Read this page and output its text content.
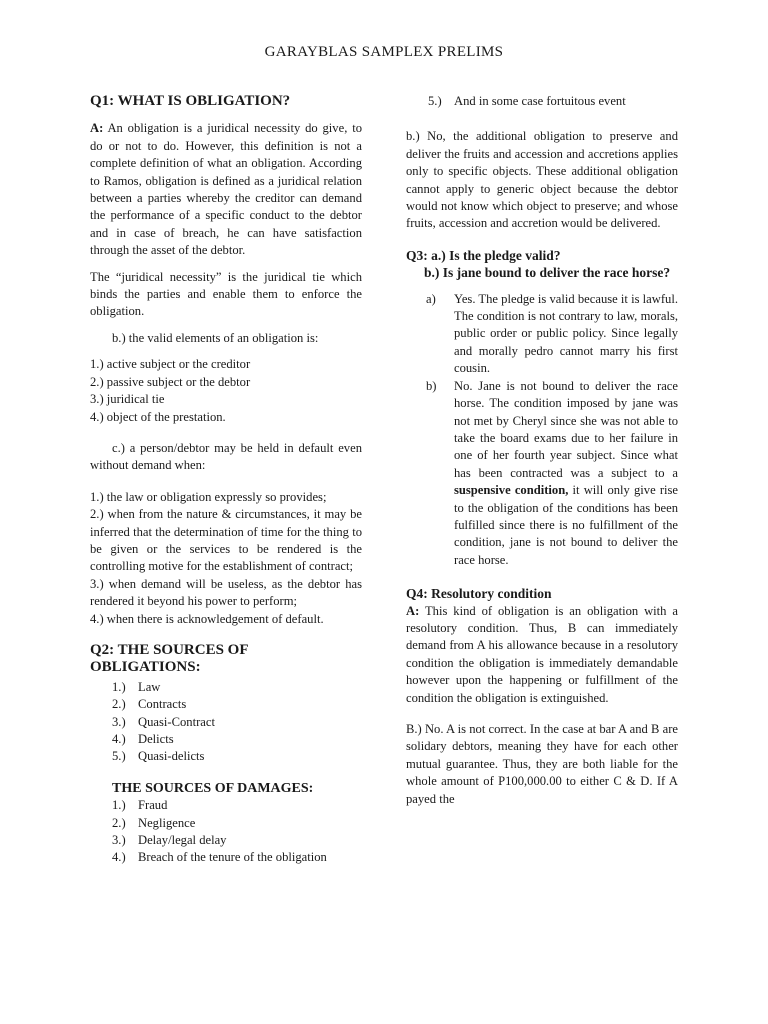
GARAYBLAS SAMPLEX PRELIMS

Q1: WHAT IS OBLIGATION?

A: An obligation is a juridical necessity do give, to do or not to do. However, this definition is not a complete definition of what an obligation. According to Ramos, obligation is defined as a juridical relation between a parties whereby the creditor can demand the performance of a specific conduct to the debtor and in case of breach, he can have satisfaction through the asset of the debtor.

The “juridical necessity” is the juridical tie which binds the parties and enable them to enforce the obligation.

b.) the valid elements of an obligation is:

1.) active subject or the creditor

2.) passive subject or the debtor

3.) juridical tie

4.) object of the prestation.

c.) a person/debtor may be held in default even without demand when:

1.) the law or obligation expressly so provides;

2.) when from the nature & circumstances, it may be inferred that the determination of time for the thing to be given or the services to be rendered is the controlling motive for the establishment of contract;

3.) when demand will be useless, as the debtor has rendered it beyond his power to perform;

4.) when there is acknowledgement of default.

Q2: THE SOURCES OF OBLIGATIONS:

1.) Law
2.) Contracts
3.) Quasi-Contract
4.) Delicts
5.) Quasi-delicts

THE SOURCES OF DAMAGES:

1.) Fraud
2.) Negligence
3.) Delay/legal delay
4.) Breach of the tenure of the obligation
5.) And in some case fortuitous event

b.) No, the additional obligation to preserve and deliver the fruits and accession and accretions applies only to specific objects. These additional obligation cannot apply to generic object because the debtor would not know which object to preserve; and whose fruits, accession and accretion would be delivered.

Q3: a.) Is the pledge valid?

b.) Is jane bound to deliver the race horse?

a)	Yes. The pledge is valid because it is lawful. The condition is not contrary to law, morals, public order or public policy. Since legally and morally pedro cannot marry his first cousin.
b)	No. Jane is not bound to deliver the race horse. The condition imposed by jane was not met by Cheryl since she was not able to take the board exams due to her failure in one of her fourth year subject. Since what has been contracted was a subject to a suspensive condition, it will only give rise to the obligation of the conditions has been fulfilled since there is no fulfillment of the condition, jane is not bound to deliver the race horse.

Q4: Resolutory condition

A: This kind of obligation is an obligation with a resolutory condition. Thus, B can immediately demand from A his allowance because in a resolutory condition the obligation is immediately demandable however upon the happening or fulfillment of the condition the obligation is extinguished.

B.) No. A is not correct. In the case at bar A and B are solidary debtors, meaning they have for each other mutual guarantee. Thus, they are both liable for the whole amount of P100,000.00 to either C & D. If A payed the
